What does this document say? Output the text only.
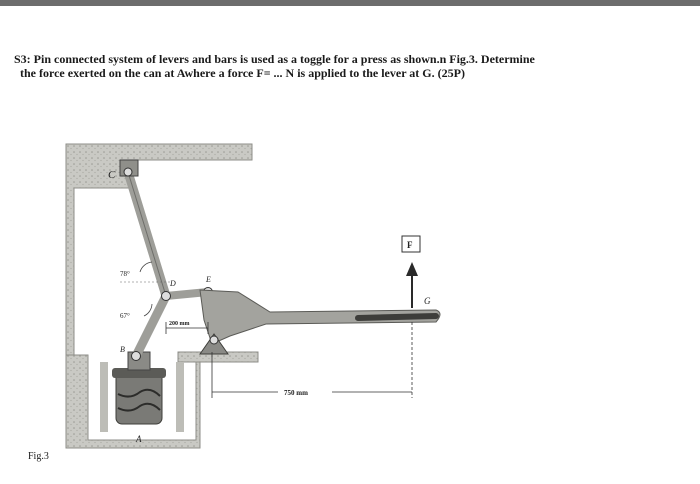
S3: Pin connected system of levers and bars is used as a toggle for a press as shown.n Fig.3. Determine
the force exerted on the can at Awhere a force F= ... N is applied to the lever at G. (25P)
C
D	E
B
A
G
F
78°
67°
200 mm
750 mm
Fig.3
